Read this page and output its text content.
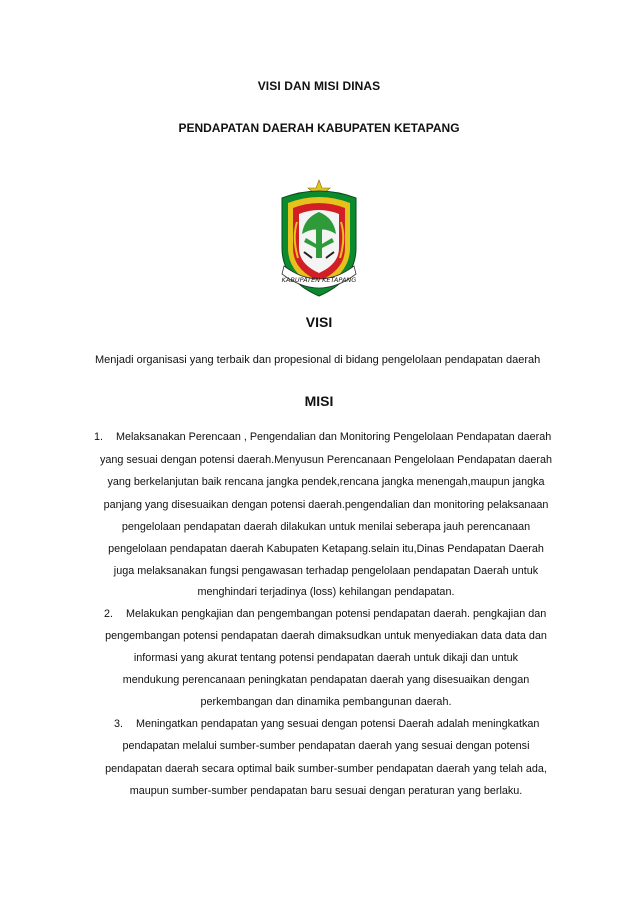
VISI DAN MISI DINAS
PENDAPATAN DAERAH KABUPATEN KETAPANG
KABUPATEN KETAPANG
VISI
Menjadi organisasi yang terbaik dan propesional di bidang pengelolaan pendapatan daerah
MISI
1. Melaksanakan Perencaan , Pengendalian dan Monitoring Pengelolaan Pendapatan daerah
yang sesuai dengan potensi daerah.Menyusun Perencanaan Pengelolaan Pendapatan daerah
yang berkelanjutan baik rencana jangka pendek,rencana jangka menengah,maupun jangka
panjang yang disesuaikan dengan potensi daerah.pengendalian dan monitoring pelaksanaan
pengelolaan pendapatan daerah dilakukan untuk menilai seberapa jauh perencanaan
pengelolaan pendapatan daerah Kabupaten Ketapang.selain itu,Dinas Pendapatan Daerah
juga melaksanakan fungsi pengawasan terhadap pengelolaan pendapatan Daerah untuk
menghindari terjadinya (loss) kehilangan pendapatan.
2. Melakukan pengkajian dan pengembangan potensi pendapatan daerah. pengkajian dan
pengembangan potensi pendapatan daerah dimaksudkan untuk menyediakan data data dan
informasi yang akurat tentang potensi pendapatan daerah untuk dikaji dan untuk
mendukung perencanaan peningkatan pendapatan daerah yang disesuaikan dengan
perkembangan dan dinamika pembangunan daerah.
3. Meningatkan pendapatan yang sesuai dengan potensi Daerah adalah meningkatkan
pendapatan melalui sumber-sumber pendapatan daerah yang sesuai dengan potensi
pendapatan daerah secara optimal baik sumber-sumber pendapatan daerah yang telah ada,
maupun sumber-sumber pendapatan baru sesuai dengan peraturan yang berlaku.
